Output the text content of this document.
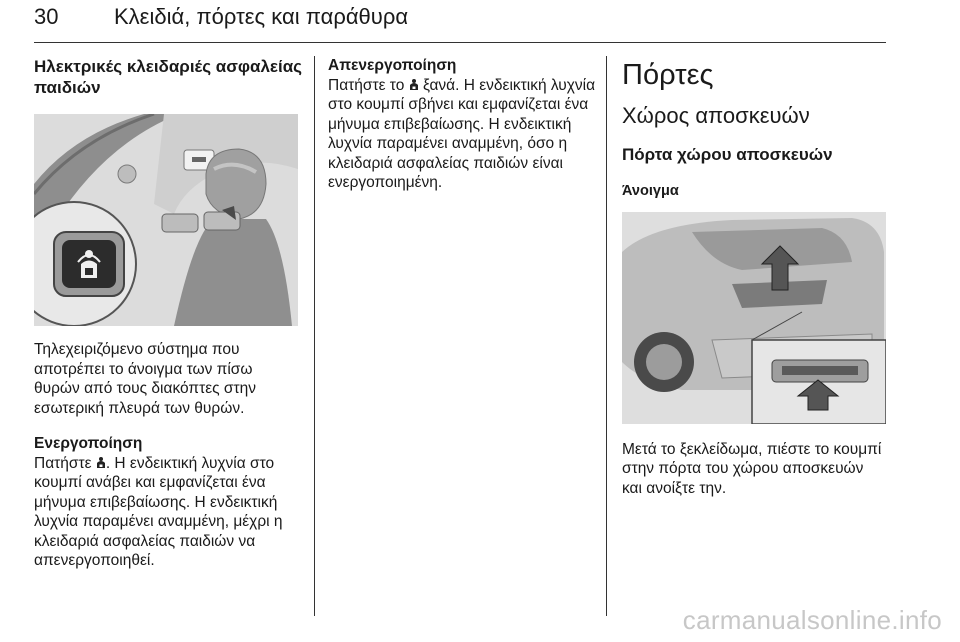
30	Κλειδιά, πόρτες και παράθυρα
Ηλεκτρικές κλειδαριές ασφαλείας παιδιών

Τηλεχειριζόμενο σύστημα που αποτρέπει το άνοιγμα των πίσω θυρών από τους διακόπτες στην εσωτερική πλευρά των θυρών.

Ενεργοποίηση

Πατήστε . Η ενδεικτική λυχνία στο κουμπί ανάβει και εμφανίζεται ένα μήνυμα επιβεβαίωσης. Η ενδεικτική λυχνία παραμένει αναμμένη, μέχρι η κλειδαριά ασφαλείας παιδιών να απενεργοποιηθεί.

Απενεργοποίηση

Πατήστε το  ξανά. Η ενδεικτική λυχνία στο κουμπί σβήνει και εμφανίζεται ένα μήνυμα επιβεβαίωσης. Η ενδεικτική λυχνία παραμένει αναμμένη, όσο η κλειδαριά ασφαλείας παιδιών είναι ενεργοποιημένη.

Πόρτες
Χώρος αποσκευών
Πόρτα χώρου αποσκευών

Άνοιγμα

Μετά το ξεκλείδωμα, πιέστε το κουμπί στην πόρτα του χώρου αποσκευών και ανοίξτε την.

carmanualsonline.info
